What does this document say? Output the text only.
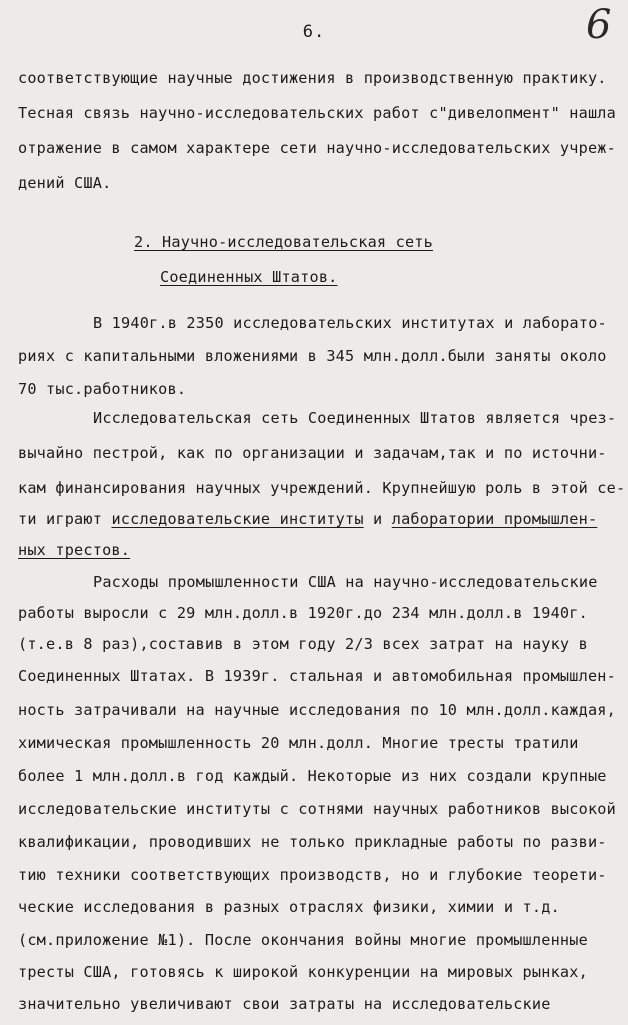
6.	6
соответствующие научные достижения в производственную практику.
Тесная связь научно-исследовательских работ с"дивелопмент" нашла
отражение в самом характере сети научно-исследовательских учреж-
дений США.
2. Научно-исследовательская сеть
Соединенных Штатов.
В 1940г.в 2350 исследовательских институтах и лаборато-
риях с капитальными вложениями в 345 млн.долл.были заняты около
70 тыс.работников.
Исследовательская сеть Соединенных Штатов является чрез-
вычайно пестрой, как по организации и задачам,так и по источни-
кам финансирования научных учреждений. Крупнейшую роль в этой се-
ти играют исследовательские институты и лаборатории промышлен-
ных трестов.
Расходы промышленности США на научно-исследовательские
работы выросли с 29 млн.долл.в 1920г.до 234 млн.долл.в 1940г.
(т.е.в 8 раз),составив в этом году 2/3 всех затрат на науку в
Соединенных Штатах. В 1939г. стальная и автомобильная промышлен-
ность затрачивали на научные исследования по 10 млн.долл.каждая,
химическая промышленность 20 млн.долл. Многие тресты тратили
более 1 млн.долл.в год каждый. Некоторые из них создали крупные
исследовательские институты с сотнями научных работников высокой
квалификации, проводивших не только прикладные работы по разви-
тию техники соответствующих производств, но и глубокие теорети-
ческие исследования в разных отраслях физики, химии и т.д.
(см.приложение №1). После окончания войны многие промышленные
тресты США, готовясь к широкой конкуренции на мировых рынках,
значительно увеличивают свои затраты на исследовательские
